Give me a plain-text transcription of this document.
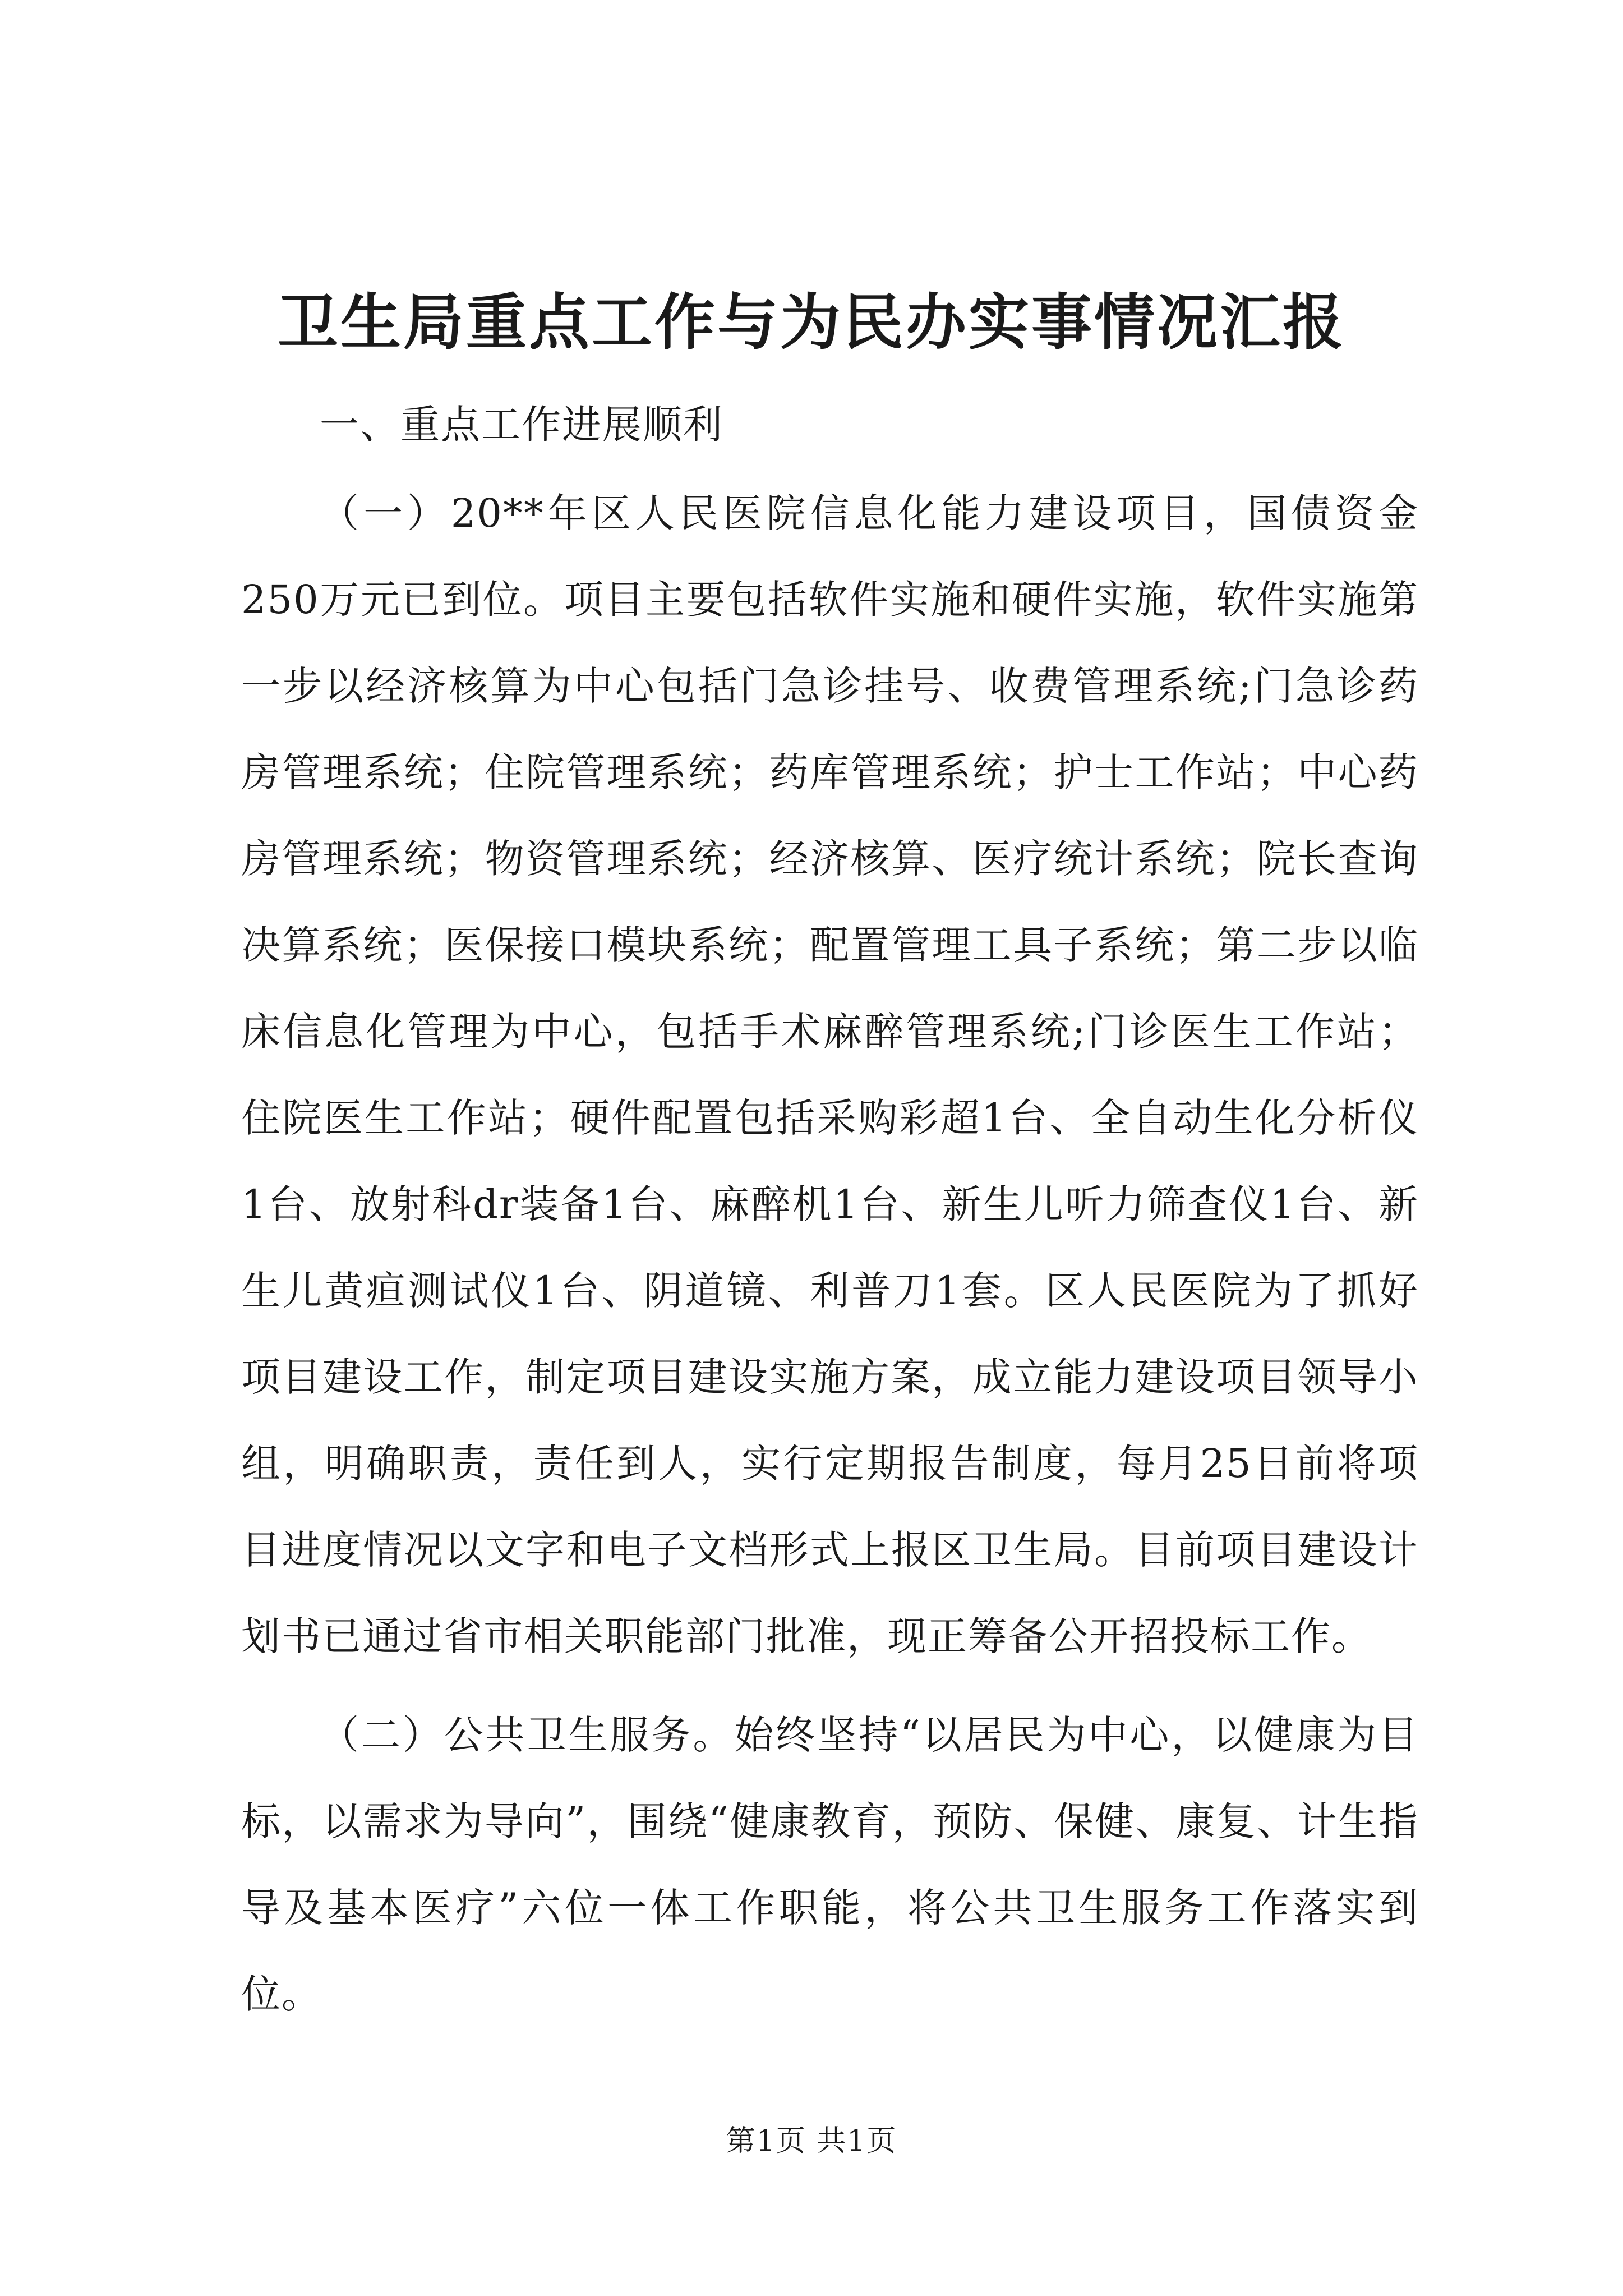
卫生局重点工作与为民办实事情况汇报

一、重点工作进展顺利

（一）20**年区人民医院信息化能力建设项目，国债资金250万元已到位。项目主要包括软件实施和硬件实施，软件实施第一步以经济核算为中心包括门急诊挂号、收费管理系统;门急诊药房管理系统；住院管理系统；药库管理系统；护士工作站；中心药房管理系统；物资管理系统；经济核算、医疗统计系统；院长查询决算系统；医保接口模块系统；配置管理工具子系统；第二步以临床信息化管理为中心，包括手术麻醉管理系统;门诊医生工作站；住院医生工作站；硬件配置包括采购彩超1台、全自动生化分析仪1台、放射科dr装备1台、麻醉机1台、新生儿听力筛查仪1台、新生儿黄疸测试仪1台、阴道镜、利普刀1套。区人民医院为了抓好项目建设工作，制定项目建设实施方案，成立能力建设项目领导小组，明确职责，责任到人，实行定期报告制度，每月25日前将项目进度情况以文字和电子文档形式上报区卫生局。目前项目建设计划书已通过省市相关职能部门批准，现正筹备公开招投标工作。

（二）公共卫生服务。始终坚持“以居民为中心，以健康为目标，以需求为导向”，围绕“健康教育，预防、保健、康复、计生指导及基本医疗”六位一体工作职能，将公共卫生服务工作落实到位。

第1页 共1页
